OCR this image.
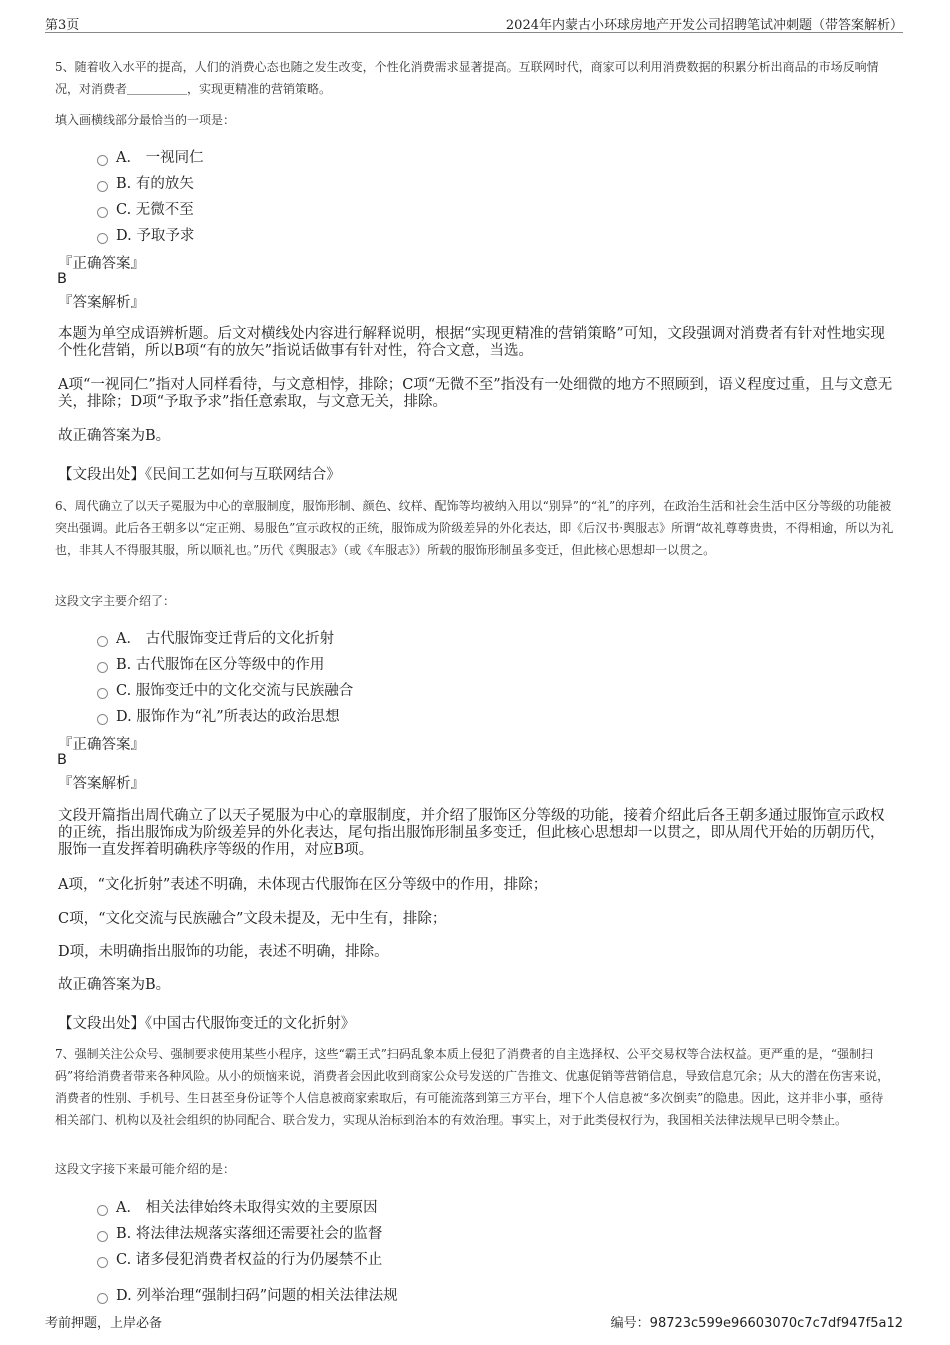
第3页	2024年内蒙古小环球房地产开发公司招聘笔试冲刺题（带答案解析）
5、随着收入水平的提高，人们的消费心态也随之发生改变，个性化消费需求显著提高。互联网时代，商家可以利用消费数据的积累分析出商品的市场反响情况，对消费者＿＿＿＿＿，实现更精准的营销策略。
填入画横线部分最恰当的一项是：
A． 一视同仁
B. 有的放矢
C. 无微不至
D. 予取予求
『正确答案』
B
『答案解析』
本题为单空成语辨析题。后文对横线处内容进行解释说明，根据“实现更精准的营销策略”可知，文段强调对消费者有针对性地实现个性化营销，所以B项“有的放矢”指说话做事有针对性，符合文意，当选。
A项“一视同仁”指对人同样看待，与文意相悖，排除；C项“无微不至”指没有一处细微的地方不照顾到，语义程度过重，且与文意无关，排除；D项“予取予求”指任意索取，与文意无关，排除。
故正确答案为B。
【文段出处】《民间工艺如何与互联网结合》
6、周代确立了以天子冕服为中心的章服制度，服饰形制、颜色、纹样、配饰等均被纳入用以“别异”的“礼”的序列，在政治生活和社会生活中区分等级的功能被突出强调。此后各王朝多以“定正朔、易服色”宣示政权的正统，服饰成为阶级差异的外化表达，即《后汉书·舆服志》所谓“故礼尊尊贵贵，不得相逾，所以为礼也，非其人不得服其服，所以顺礼也。”历代《舆服志》（或《车服志》）所载的服饰形制虽多变迁，但此核心思想却一以贯之。
这段文字主要介绍了：
A． 古代服饰变迁背后的文化折射
B. 古代服饰在区分等级中的作用
C. 服饰变迁中的文化交流与民族融合
D. 服饰作为“礼”所表达的政治思想
『正确答案』
B
『答案解析』
文段开篇指出周代确立了以天子冕服为中心的章服制度，并介绍了服饰区分等级的功能，接着介绍此后各王朝多通过服饰宣示政权的正统，指出服饰成为阶级差异的外化表达，尾句指出服饰形制虽多变迁，但此核心思想却一以贯之，即从周代开始的历朝历代，服饰一直发挥着明确秩序等级的作用，对应B项。
A项，“文化折射”表述不明确，未体现古代服饰在区分等级中的作用，排除；
C项，“文化交流与民族融合”文段未提及，无中生有，排除；
D项，未明确指出服饰的功能，表述不明确，排除。
故正确答案为B。
【文段出处】《中国古代服饰变迁的文化折射》
7、强制关注公众号、强制要求使用某些小程序，这些“霸王式”扫码乱象本质上侵犯了消费者的自主选择权、公平交易权等合法权益。更严重的是，“强制扫码”将给消费者带来各种风险。从小的烦恼来说，消费者会因此收到商家公众号发送的广告推文、优惠促销等营销信息，导致信息冗余；从大的潜在伤害来说，消费者的性别、手机号、生日甚至身份证等个人信息被商家索取后，有可能流落到第三方平台，埋下个人信息被“多次倒卖”的隐患。因此，这并非小事，亟待相关部门、机构以及社会组织的协同配合、联合发力，实现从治标到治本的有效治理。事实上，对于此类侵权行为，我国相关法律法规早已明令禁止。
这段文字接下来最可能介绍的是：
A． 相关法律始终未取得实效的主要原因
B. 将法律法规落实落细还需要社会的监督
C. 诸多侵犯消费者权益的行为仍屡禁不止
D. 列举治理“强制扫码”问题的相关法律法规
考前押题，上岸必备	编号：98723c599e96603070c7c7df947f5a12
